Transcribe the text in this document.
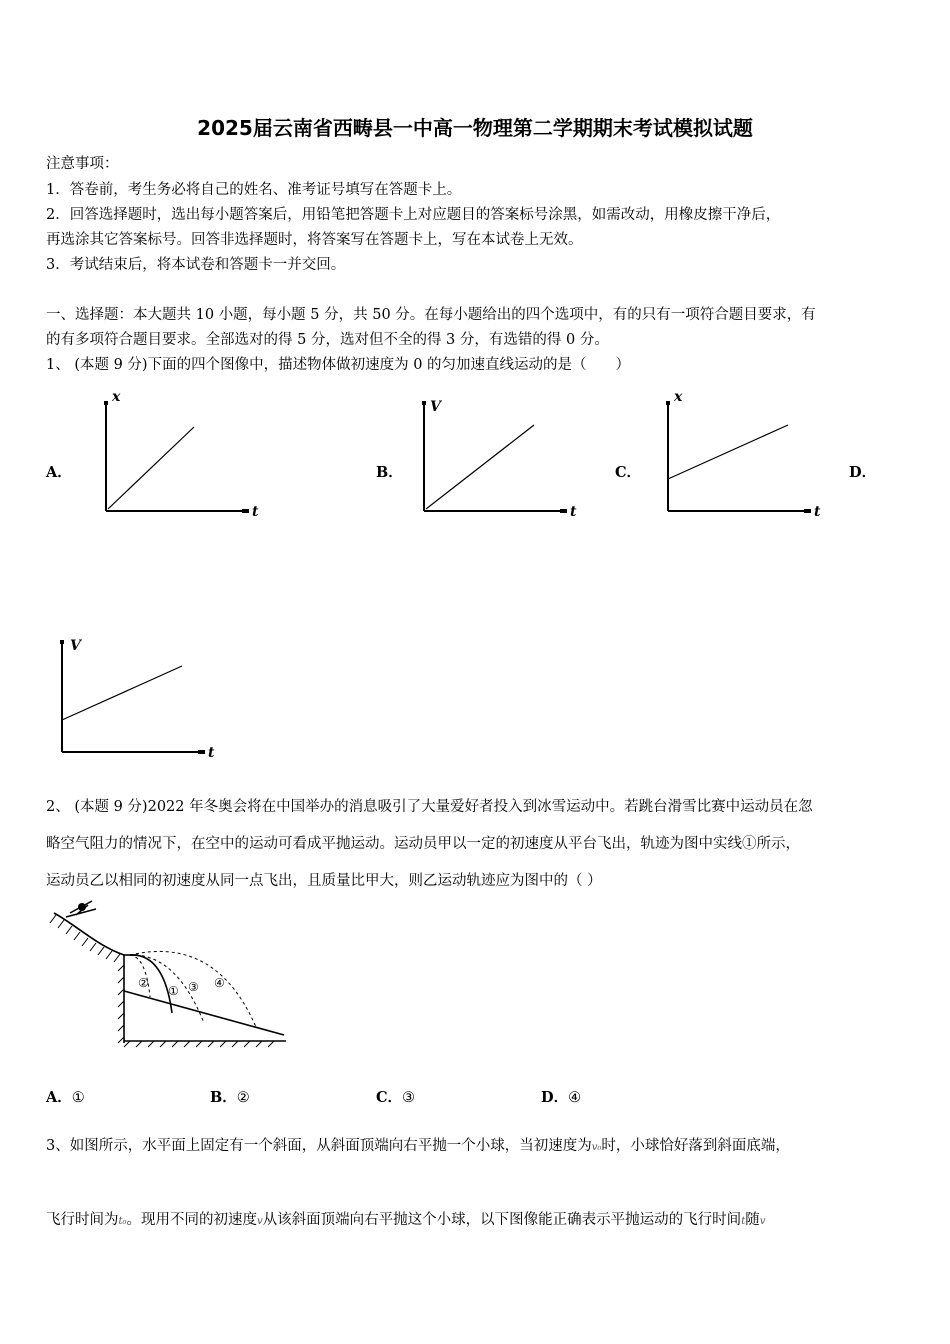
2025届云南省西畴县一中高一物理第二学期期末考试模拟试题
注意事项：
1．答卷前，考生务必将自己的姓名、准考证号填写在答题卡上。
2．回答选择题时，选出每小题答案后，用铅笔把答题卡上对应题目的答案标号涂黑，如需改动，用橡皮擦干净后，
再选涂其它答案标号。回答非选择题时，将答案写在答题卡上，写在本试卷上无效。
3．考试结束后，将本试卷和答题卡一并交回。
一、选择题：本大题共 10 小题，每小题 5 分，共 50 分。在每小题给出的四个选项中，有的只有一项符合题目要求，有
的有多项符合题目要求。全部选对的得 5 分，选对但不全的得 3 分，有选错的得 0 分。
1、 (本题 9 分)下面的四个图像中，描述物体做初速度为 0 的匀加速直线运动的是（　　）
A．	B．	C．	D．
x
t
V
t
x
t
V
t
2、 (本题 9 分)2022 年冬奥会将在中国举办的消息吸引了大量爱好者投入到冰雪运动中。若跳台滑雪比赛中运动员在忽
略空气阻力的情况下，在空中的运动可看成平抛运动。运动员甲以一定的初速度从平台飞出，轨迹为图中实线①所示，
运动员乙以相同的初速度从同一点飞出，且质量比甲大，则乙运动轨迹应为图中的（ ）
②
① ③ ④
A．①	B．②	C．③	D．④
3、如图所示，水平面上固定有一个斜面，从斜面顶端向右平抛一个小球，当初速度为v₀时，小球恰好落到斜面底端，
飞行时间为t₀。现用不同的初速度v从该斜面顶端向右平抛这个小球，以下图像能正确表示平抛运动的飞行时间t随v
